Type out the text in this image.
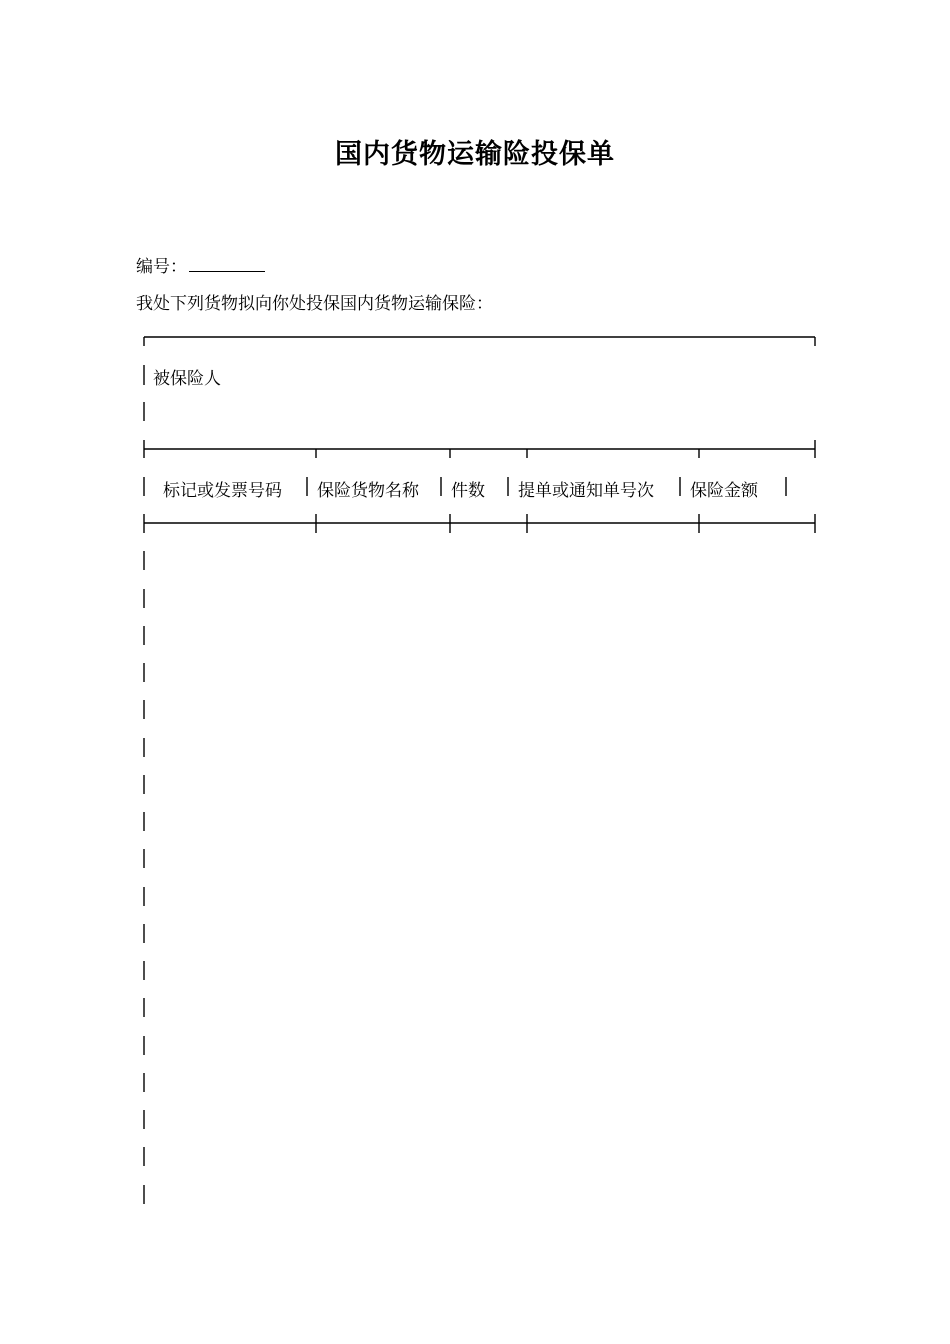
国内货物运输险投保单
编号：
我处下列货物拟向你处投保国内货物运输保险：
被保险人
标记或发票号码 保险货物名称 件数 提单或通知单号次 保险金额
